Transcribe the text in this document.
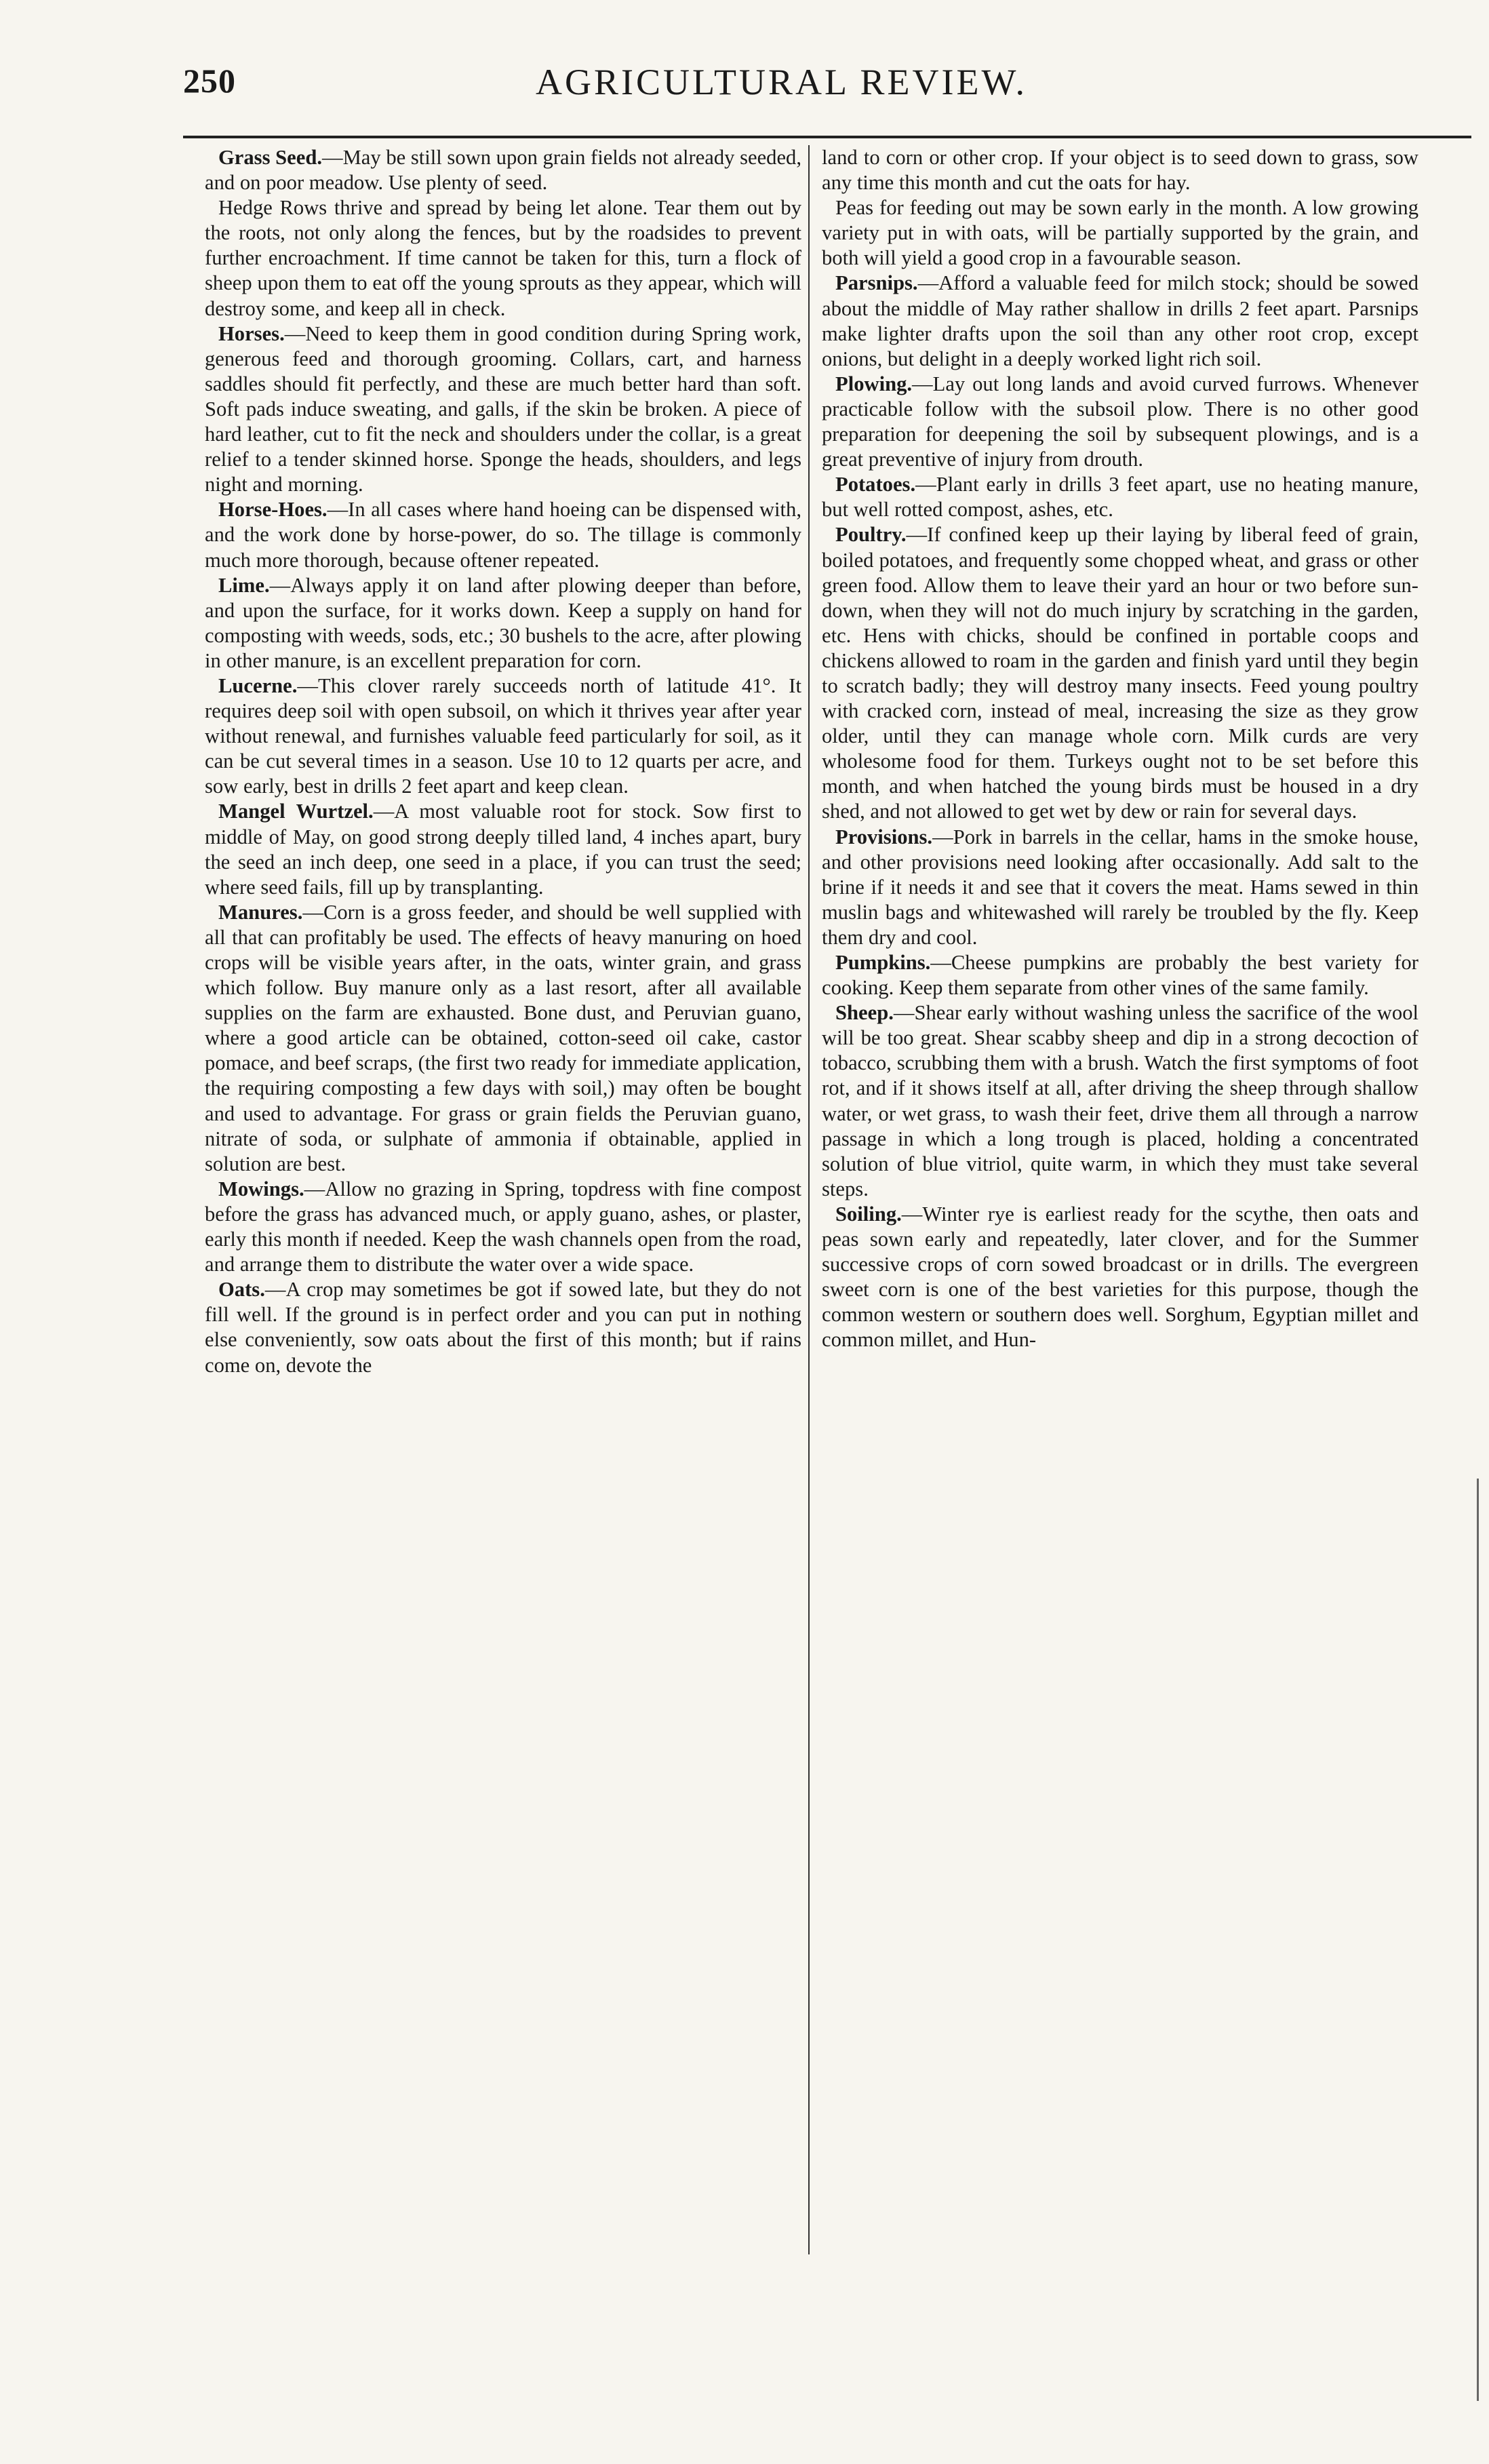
250	AGRICULTURAL REVIEW.

Grass Seed.—May be still sown upon grain fields not already seeded, and on poor meadow. Use plenty of seed.

Hedge Rows thrive and spread by being let alone. Tear them out by the roots, not only along the fences, but by the roadsides to prevent further encroachment. If time cannot be taken for this, turn a flock of sheep upon them to eat off the young sprouts as they appear, which will destroy some, and keep all in check.

Horses.—Need to keep them in good condition during Spring work, generous feed and thorough grooming. Collars, cart, and harness saddles should fit perfectly, and these are much better hard than soft. Soft pads induce sweating, and galls, if the skin be broken. A piece of hard leather, cut to fit the neck and shoulders under the collar, is a great relief to a tender skinned horse. Sponge the heads, shoulders, and legs night and morning.

Horse-Hoes.—In all cases where hand hoeing can be dispensed with, and the work done by horse-power, do so. The tillage is commonly much more thorough, because oftener repeated.

Lime.—Always apply it on land after plowing deeper than before, and upon the surface, for it works down. Keep a supply on hand for composting with weeds, sods, etc.; 30 bushels to the acre, after plowing in other manure, is an excellent preparation for corn.

Lucerne.—This clover rarely succeeds north of latitude 41°. It requires deep soil with open subsoil, on which it thrives year after year without renewal, and furnishes valuable feed particularly for soil, as it can be cut several times in a season. Use 10 to 12 quarts per acre, and sow early, best in drills 2 feet apart and keep clean.

Mangel Wurtzel.—A most valuable root for stock. Sow first to middle of May, on good strong deeply tilled land, 4 inches apart, bury the seed an inch deep, one seed in a place, if you can trust the seed; where seed fails, fill up by transplanting.

Manures.—Corn is a gross feeder, and should be well supplied with all that can profitably be used. The effects of heavy manuring on hoed crops will be visible years after, in the oats, winter grain, and grass which follow. Buy manure only as a last resort, after all available supplies on the farm are exhausted. Bone dust, and Peruvian guano, where a good article can be obtained, cotton-seed oil cake, castor pomace, and beef scraps, (the first two ready for immediate application, the requiring composting a few days with soil,) may often be bought and used to advantage. For grass or grain fields the Peruvian guano, nitrate of soda, or sulphate of ammonia if obtainable, applied in solution are best.

Mowings.—Allow no grazing in Spring, topdress with fine compost before the grass has advanced much, or apply guano, ashes, or plaster, early this month if needed. Keep the wash channels open from the road, and arrange them to distribute the water over a wide space.

Oats.—A crop may sometimes be got if sowed late, but they do not fill well. If the ground is in perfect order and you can put in nothing else conveniently, sow oats about the first of this month; but if rains come on, devote the

land to corn or other crop. If your object is to seed down to grass, sow any time this month and cut the oats for hay.

Peas for feeding out may be sown early in the month. A low growing variety put in with oats, will be partially supported by the grain, and both will yield a good crop in a favourable season.

Parsnips.—Afford a valuable feed for milch stock; should be sowed about the middle of May rather shallow in drills 2 feet apart. Parsnips make lighter drafts upon the soil than any other root crop, except onions, but delight in a deeply worked light rich soil.

Plowing.—Lay out long lands and avoid curved furrows. Whenever practicable follow with the subsoil plow. There is no other good preparation for deepening the soil by subsequent plowings, and is a great preventive of injury from drouth.

Potatoes.—Plant early in drills 3 feet apart, use no heating manure, but well rotted compost, ashes, etc.

Poultry.—If confined keep up their laying by liberal feed of grain, boiled potatoes, and frequently some chopped wheat, and grass or other green food. Allow them to leave their yard an hour or two before sun-down, when they will not do much injury by scratching in the garden, etc. Hens with chicks, should be confined in portable coops and chickens allowed to roam in the garden and finish yard until they begin to scratch badly; they will destroy many insects. Feed young poultry with cracked corn, instead of meal, increasing the size as they grow older, until they can manage whole corn. Milk curds are very wholesome food for them. Turkeys ought not to be set before this month, and when hatched the young birds must be housed in a dry shed, and not allowed to get wet by dew or rain for several days.

Provisions.—Pork in barrels in the cellar, hams in the smoke house, and other provisions need looking after occasionally. Add salt to the brine if it needs it and see that it covers the meat. Hams sewed in thin muslin bags and whitewashed will rarely be troubled by the fly. Keep them dry and cool.

Pumpkins.—Cheese pumpkins are probably the best variety for cooking. Keep them separate from other vines of the same family.

Sheep.—Shear early without washing unless the sacrifice of the wool will be too great. Shear scabby sheep and dip in a strong decoction of tobacco, scrubbing them with a brush. Watch the first symptoms of foot rot, and if it shows itself at all, after driving the sheep through shallow water, or wet grass, to wash their feet, drive them all through a narrow passage in which a long trough is placed, holding a concentrated solution of blue vitriol, quite warm, in which they must take several steps.

Soiling.—Winter rye is earliest ready for the scythe, then oats and peas sown early and repeatedly, later clover, and for the Summer successive crops of corn sowed broadcast or in drills. The evergreen sweet corn is one of the best varieties for this purpose, though the common western or southern does well. Sorghum, Egyptian millet and common millet, and Hun-
